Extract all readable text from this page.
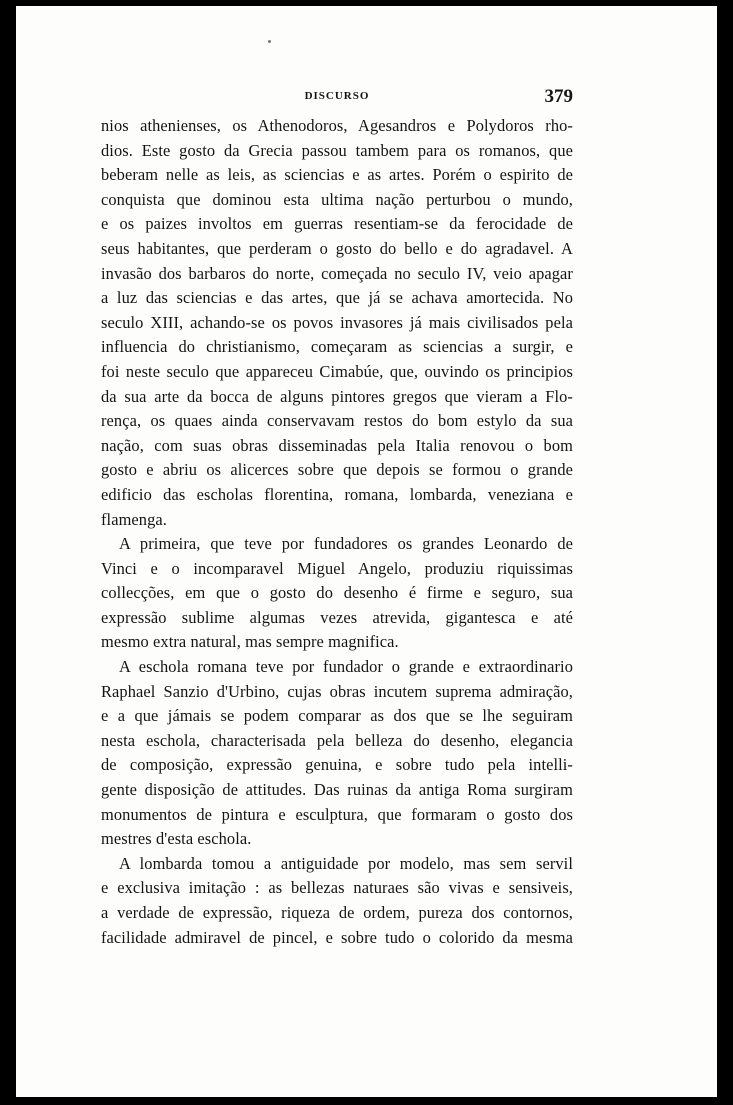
DISCURSO	379
nios athenienses, os Athenodoros, Agesandros e Polydoros rho-
dios. Este gosto da Grecia passou tambem para os romanos, que
beberam nelle as leis, as sciencias e as artes. Porém o espirito de
conquista que dominou esta ultima nação perturbou o mundo,
e os paizes involtos em guerras resentiam-se da ferocidade de
seus habitantes, que perderam o gosto do bello e do agradavel. A
invasão dos barbaros do norte, começada no seculo IV, veio apagar
a luz das sciencias e das artes, que já se achava amortecida. No
seculo XIII, achando-se os povos invasores já mais civilisados pela
influencia do christianismo, começaram as sciencias a surgir, e
foi neste seculo que appareceu Cimabúe, que, ouvindo os principios
da sua arte da bocca de alguns pintores gregos que vieram a Flo-
rença, os quaes ainda conservavam restos do bom estylo da sua
nação, com suas obras disseminadas pela Italia renovou o bom
gosto e abriu os alicerces sobre que depois se formou o grande
edificio das escholas florentina, romana, lombarda, veneziana e
flamenga.
A primeira, que teve por fundadores os grandes Leonardo de
Vinci e o incomparavel Miguel Angelo, produziu riquissimas
collecções, em que o gosto do desenho é firme e seguro, sua
expressão sublime algumas vezes atrevida, gigantesca e até
mesmo extra natural, mas sempre magnifica.
A eschola romana teve por fundador o grande e extraordinario
Raphael Sanzio d'Urbino, cujas obras incutem suprema admiração,
e a que jámais se podem comparar as dos que se lhe seguiram
nesta eschola, characterisada pela belleza do desenho, elegancia
de composição, expressão genuina, e sobre tudo pela intelli-
gente disposição de attitudes. Das ruinas da antiga Roma surgiram
monumentos de pintura e esculptura, que formaram o gosto dos
mestres d'esta eschola.
A lombarda tomou a antiguidade por modelo, mas sem servil
e exclusiva imitação : as bellezas naturaes são vivas e sensiveis,
a verdade de expressão, riqueza de ordem, pureza dos contornos,
facilidade admiravel de pincel, e sobre tudo o colorido da mesma
